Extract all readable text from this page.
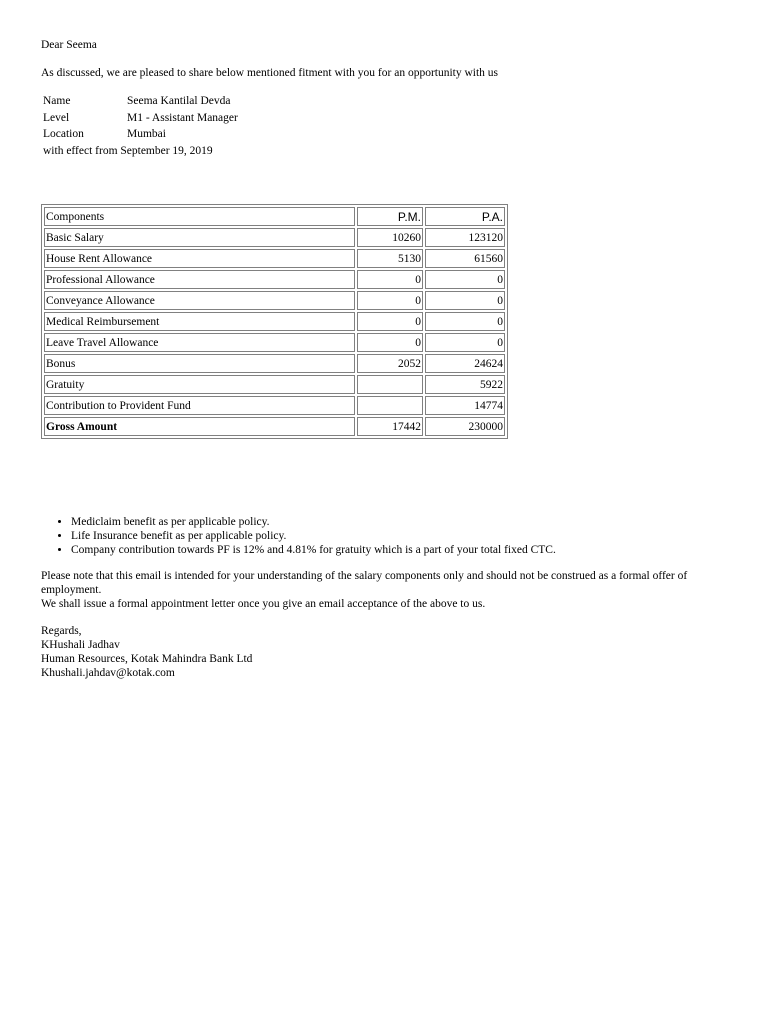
Dear Seema

As discussed, we are pleased to share below mentioned fitment with you for an opportunity with us

Name	Seema Kantilal Devda
Level	M1 - Assistant Manager
Location	Mumbai

with effect from September 19, 2019

Components	P.M.	P.A.
Basic Salary	10260	123120
House Rent Allowance	5130	61560
Professional Allowance	0	0
Conveyance Allowance	0	0
Medical Reimbursement	0	0
Leave Travel Allowance	0	0
Bonus	2052	24624
Gratuity		5922
Contribution to Provident Fund		14774
Gross Amount	17442	230000
• Mediclaim benefit as per applicable policy.
• Life Insurance benefit as per applicable policy.
• Company contribution towards PF is 12% and 4.81% for gratuity which is a part of your total fixed CTC.

Please note that this email is intended for your understanding of the salary components only and should not be construed as a formal offer of employment.

We shall issue a formal appointment letter once you give an email acceptance of the above to us.

Regards,

KHushali Jadhav

Human Resources, Kotak Mahindra Bank Ltd

Khushali.jahdav@kotak.com
